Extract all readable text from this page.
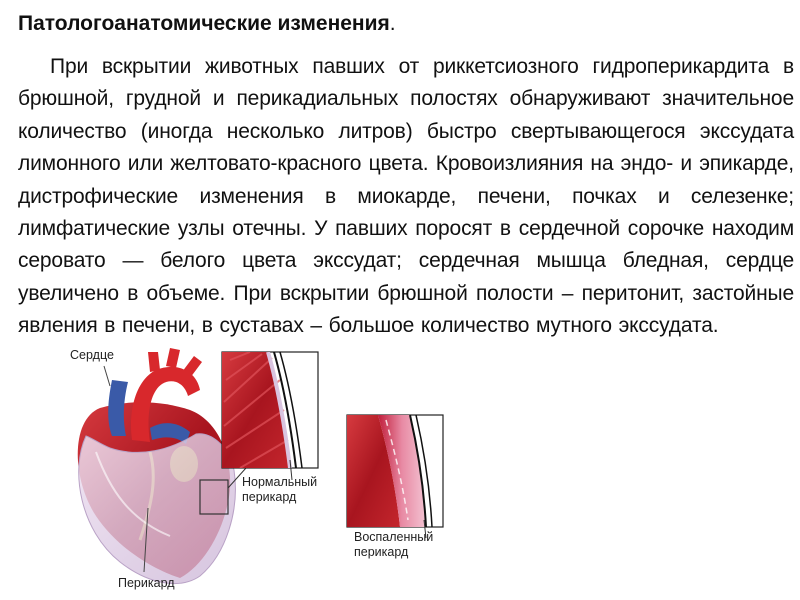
Патологоанатомические изменения.
При вскрытии животных павших от риккетсиозного гидроперикардита в брюшной, грудной и перикадиальных полостях обнаруживают значительное количество (иногда несколько литров) быстро свертывающегося экссудата лимонного или желтовато-красного цвета. Кровоизлияния на эндо- и эпикарде, дистрофические изменения в миокарде, печени, почках и селезенке; лимфатические узлы отечны. У павших поросят в сердечной сорочке находим серовато — белого цвета экссудат; сердечная мышца бледная, сердце увеличено в объеме. При вскрытии брюшной полости – перитонит, застойные явления в печени, в суставах – большое количество мутного экссудата.
Сердце
Перикард
Нормальный
перикард
Воспаленный
перикард
